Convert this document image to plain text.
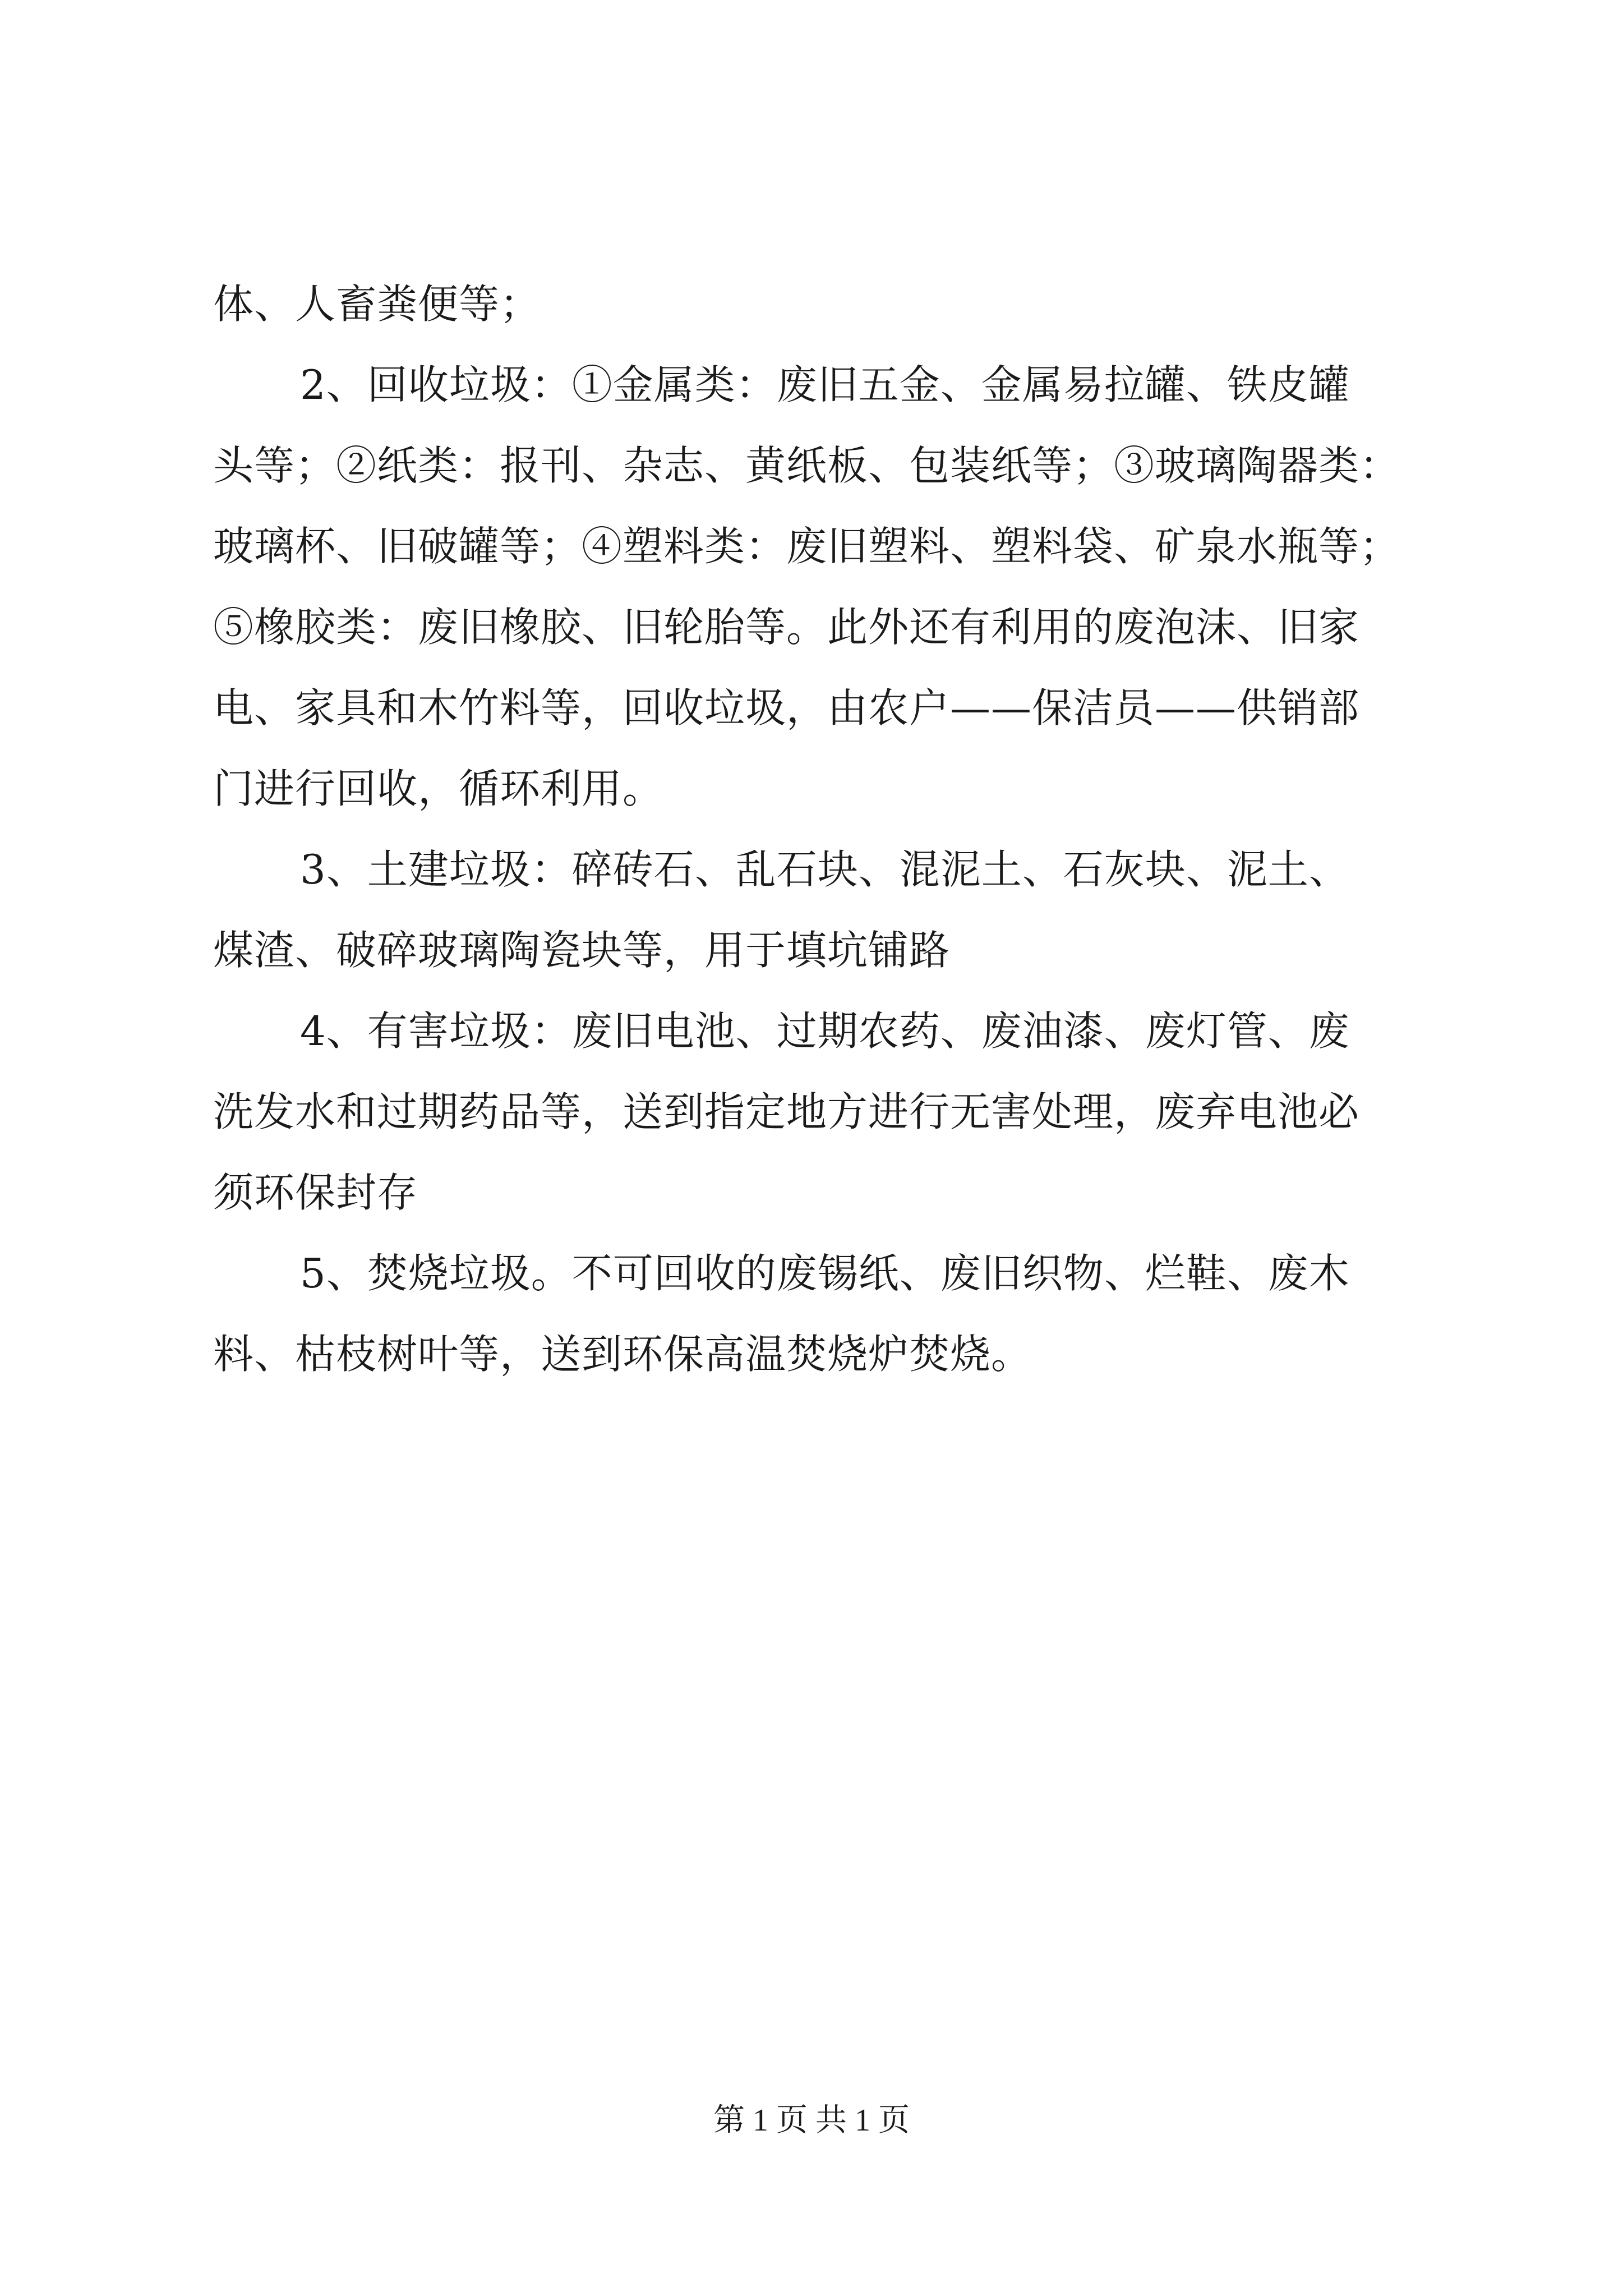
体、人畜粪便等；
2、回收垃圾：①金属类：废旧五金、金属易拉罐、铁皮罐
头等；②纸类：报刊、杂志、黄纸板、包装纸等；③玻璃陶器类：
玻璃杯、旧破罐等；④塑料类：废旧塑料、塑料袋、矿泉水瓶等；
⑤橡胶类：废旧橡胶、旧轮胎等。此外还有利用的废泡沫、旧家
电、家具和木竹料等，回收垃圾，由农户——保洁员——供销部
门进行回收，循环利用。
3、土建垃圾：碎砖石、乱石块、混泥土、石灰块、泥土、
煤渣、破碎玻璃陶瓷块等，用于填坑铺路
4、有害垃圾：废旧电池、过期农药、废油漆、废灯管、废
洗发水和过期药品等，送到指定地方进行无害处理，废弃电池必
须环保封存
5、焚烧垃圾。不可回收的废锡纸、废旧织物、烂鞋、废木
料、枯枝树叶等，送到环保高温焚烧炉焚烧。
第 1 页 共 1 页
